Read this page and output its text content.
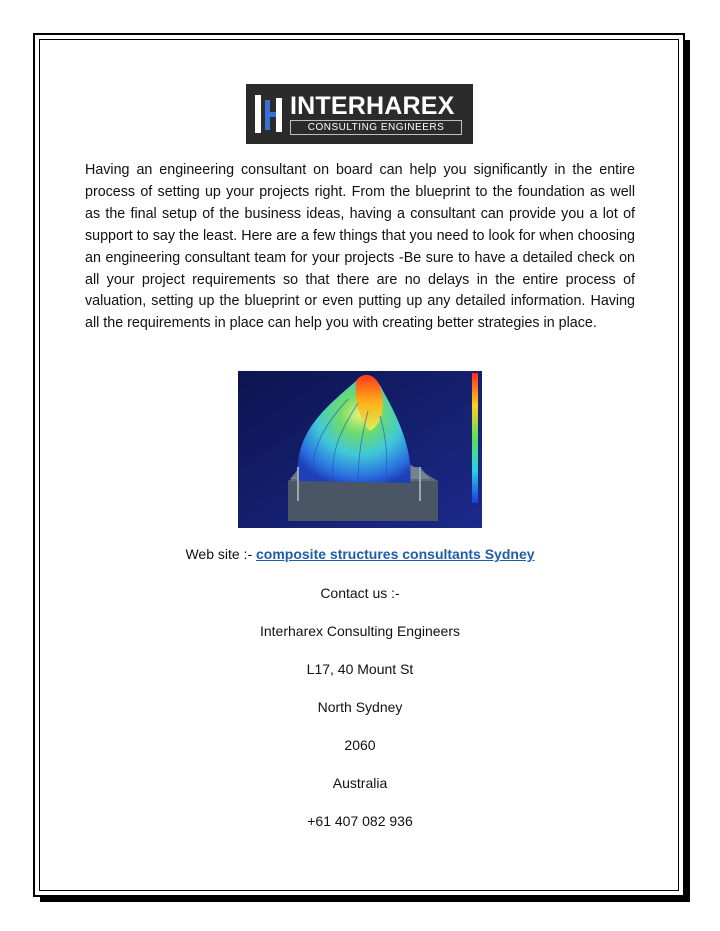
INTERHAREX
CONSULTING ENGINEERS
Having an engineering consultant on board can help you significantly in the entire process of setting up your projects right. From the blueprint to the foundation as well as the final setup of the business ideas, having a consultant can provide you a lot of support to say the least. Here are a few things that you need to look for when choosing an engineering consultant team for your projects -Be sure to have a detailed check on all your project requirements so that there are no delays in the entire process of valuation, setting up the blueprint or even putting up any detailed information. Having all the requirements in place can help you with creating better strategies in place.
Web site :- composite structures consultants Sydney
Contact us :-
Interharex Consulting Engineers
L17, 40 Mount St
North Sydney
2060
Australia
+61 407 082 936
